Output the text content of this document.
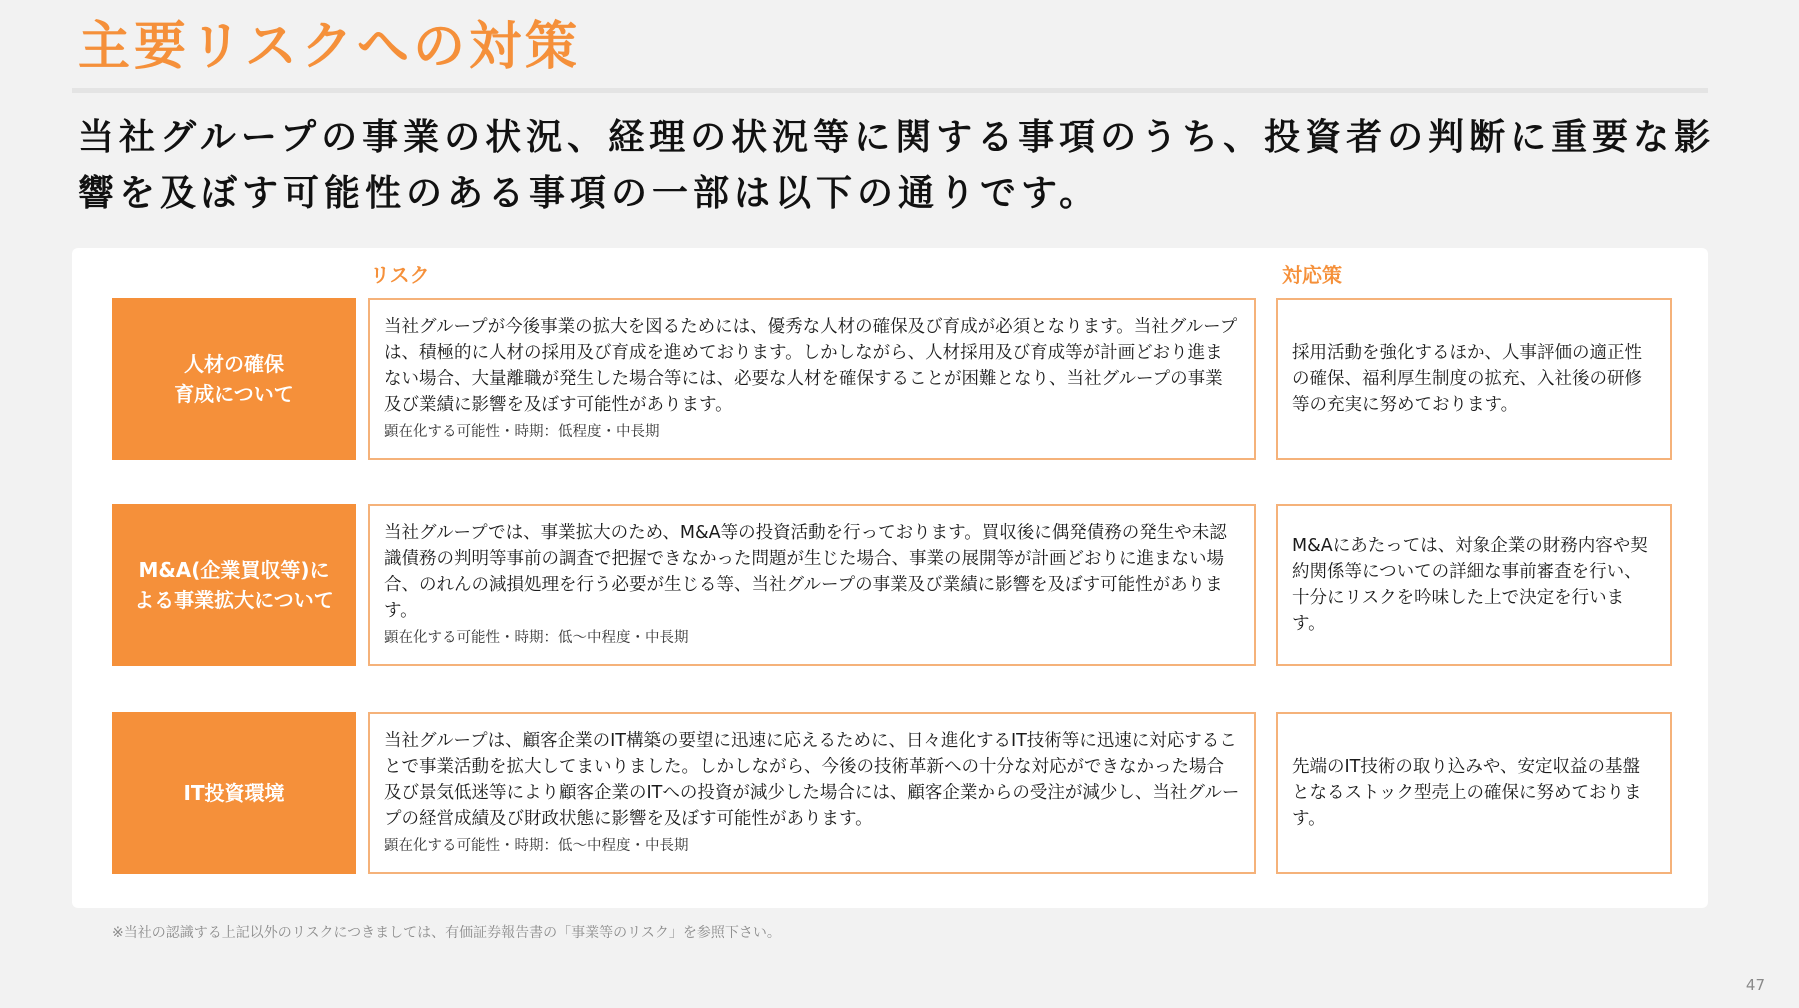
主要リスクへの対策
当社グループの事業の状況、経理の状況等に関する事項のうち、投資者の判断に重要な影響を及ぼす可能性のある事項の一部は以下の通りです。
リスク	対応策
人材の確保
育成について
当社グループが今後事業の拡大を図るためには、優秀な人材の確保及び育成が必須となります。当社グループは、積極的に人材の採用及び育成を進めております。しかしながら、人材採用及び育成等が計画どおり進まない場合、大量離職が発生した場合等には、必要な人材を確保することが困難となり、当社グループの事業及び業績に影響を及ぼす可能性があります。
顕在化する可能性・時期：低程度・中長期
採用活動を強化するほか、人事評価の適正性の確保、福利厚生制度の拡充、入社後の研修等の充実に努めております。
M&A(企業買収等)に
よる事業拡大について
当社グループでは、事業拡大のため、M&A等の投資活動を行っております。買収後に偶発債務の発生や未認識債務の判明等事前の調査で把握できなかった問題が生じた場合、事業の展開等が計画どおりに進まない場合、のれんの減損処理を行う必要が生じる等、当社グループの事業及び業績に影響を及ぼす可能性があります。
顕在化する可能性・時期：低〜中程度・中長期
M&Aにあたっては、対象企業の財務内容や契約関係等についての詳細な事前審査を行い、十分にリスクを吟味した上で決定を行います。
IT投資環境
当社グループは、顧客企業のIT構築の要望に迅速に応えるために、日々進化するIT技術等に迅速に対応することで事業活動を拡大してまいりました。しかしながら、今後の技術革新への十分な対応ができなかった場合及び景気低迷等により顧客企業のITへの投資が減少した場合には、顧客企業からの受注が減少し、当社グループの経営成績及び財政状態に影響を及ぼす可能性があります。
顕在化する可能性・時期：低〜中程度・中長期
先端のIT技術の取り込みや、安定収益の基盤となるストック型売上の確保に努めております。
※当社の認識する上記以外のリスクにつきましては、有価証券報告書の「事業等のリスク」を参照下さい。
47
